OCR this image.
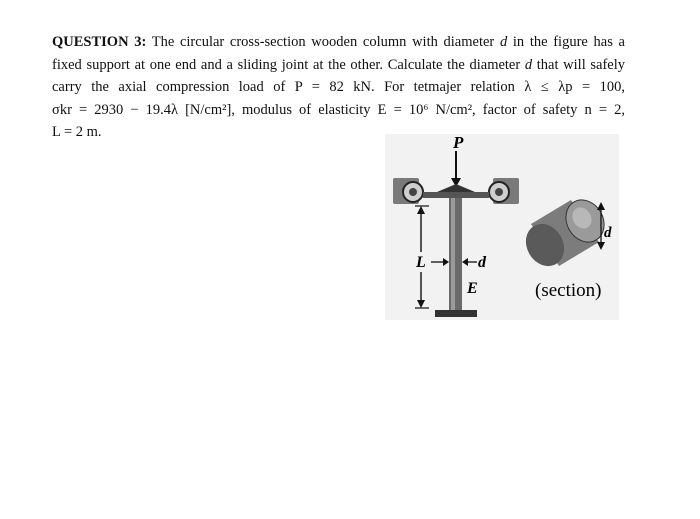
QUESTION 3: The circular cross-section wooden column with diameter d in the figure has a
fixed support at one end and a sliding joint at the other. Calculate the diameter d that will safely
carry the axial compression load of P = 82 kN. For tetmajer relation λ ≤ λp = 100,
σkr = 2930 − 19.4λ [N/cm²], modulus of elasticity E = 10⁶ N/cm², factor of safety n = 2,
L = 2 m.
P
L	d
E
d
(section)
